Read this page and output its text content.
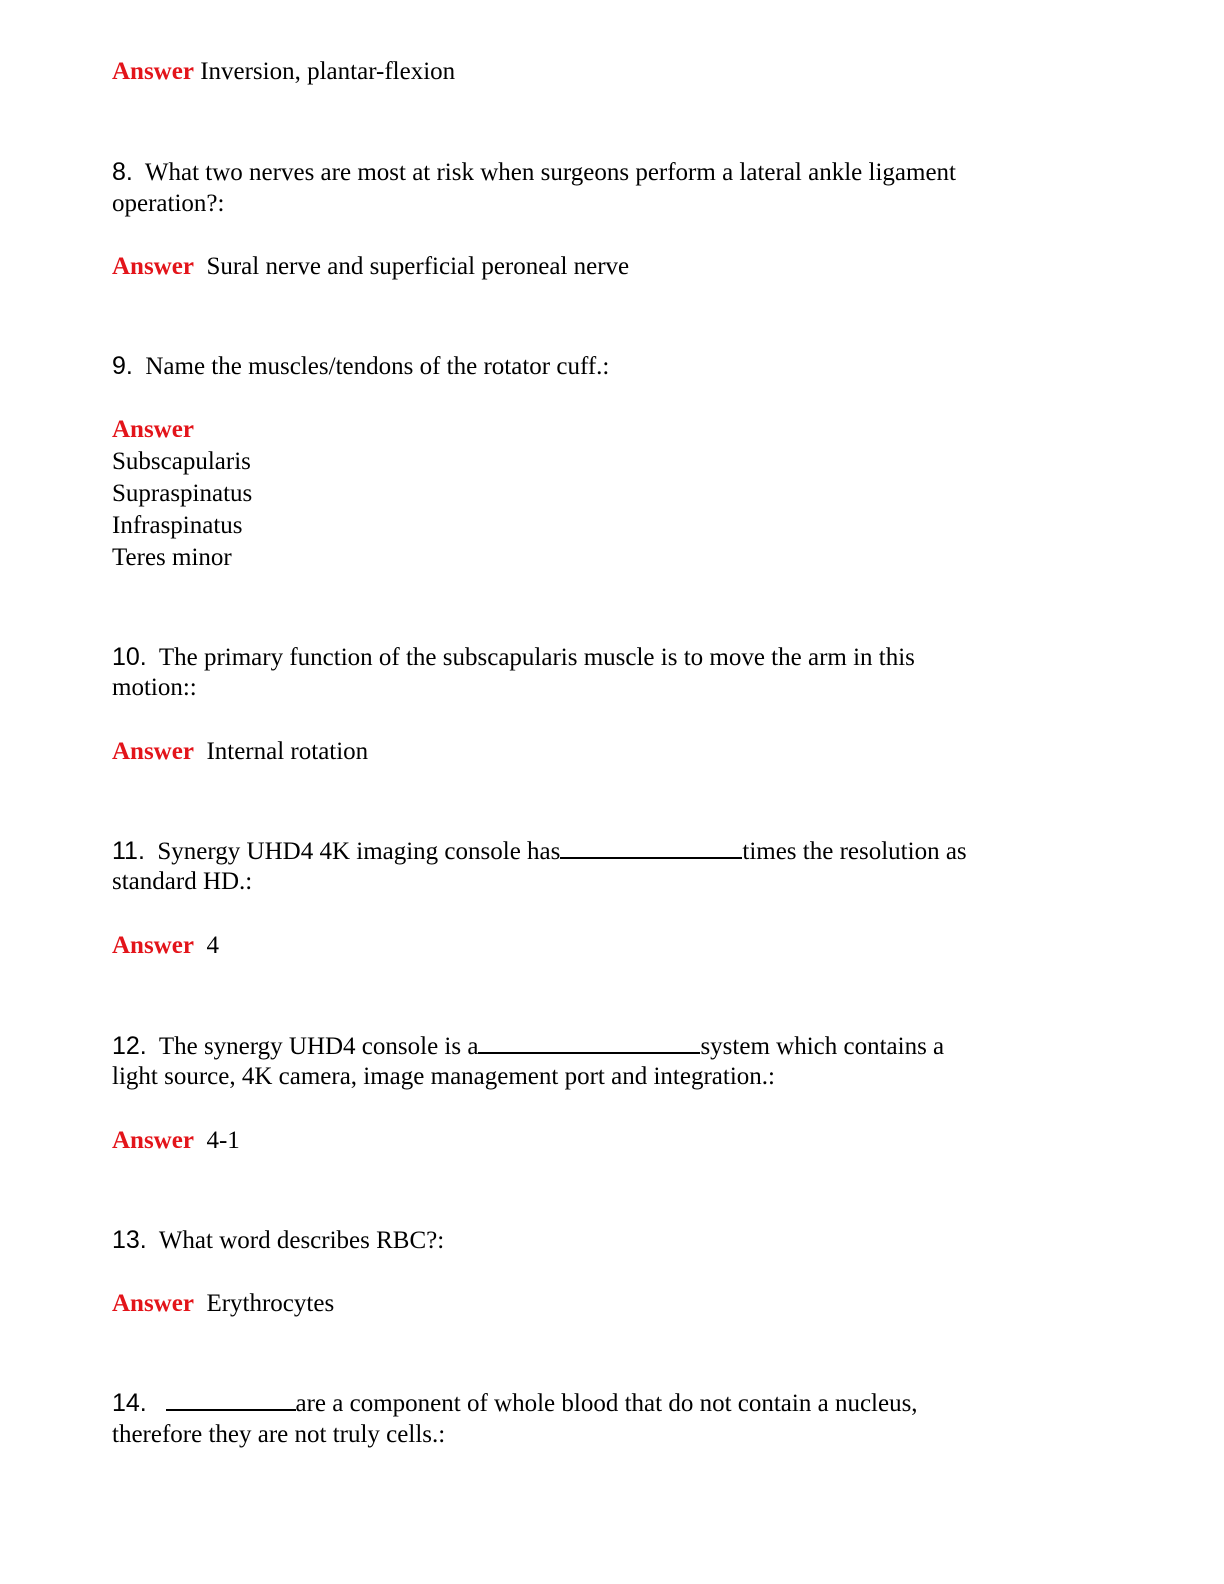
Answer Inversion, plantar-flexion
8. What two nerves are most at risk when surgeons perform a lateral ankle ligament
operation?:
Answer Sural nerve and superficial peroneal nerve
9. Name the muscles/tendons of the rotator cuff.:
Answer
Subscapularis
Supraspinatus
Infraspinatus
Teres minor
10. The primary function of the subscapularis muscle is to move the arm in this
motion::
Answer Internal rotation
11. Synergy UHD4 4K imaging console has	times the resolution as
standard HD.:
Answer 4
12. The synergy UHD4 console is a	system which contains a
light source, 4K camera, image management port and integration.:
Answer 4-1
13. What word describes RBC?:
Answer Erythrocytes
14.	are a component of whole blood that do not contain a nucleus,
therefore they are not truly cells.:
